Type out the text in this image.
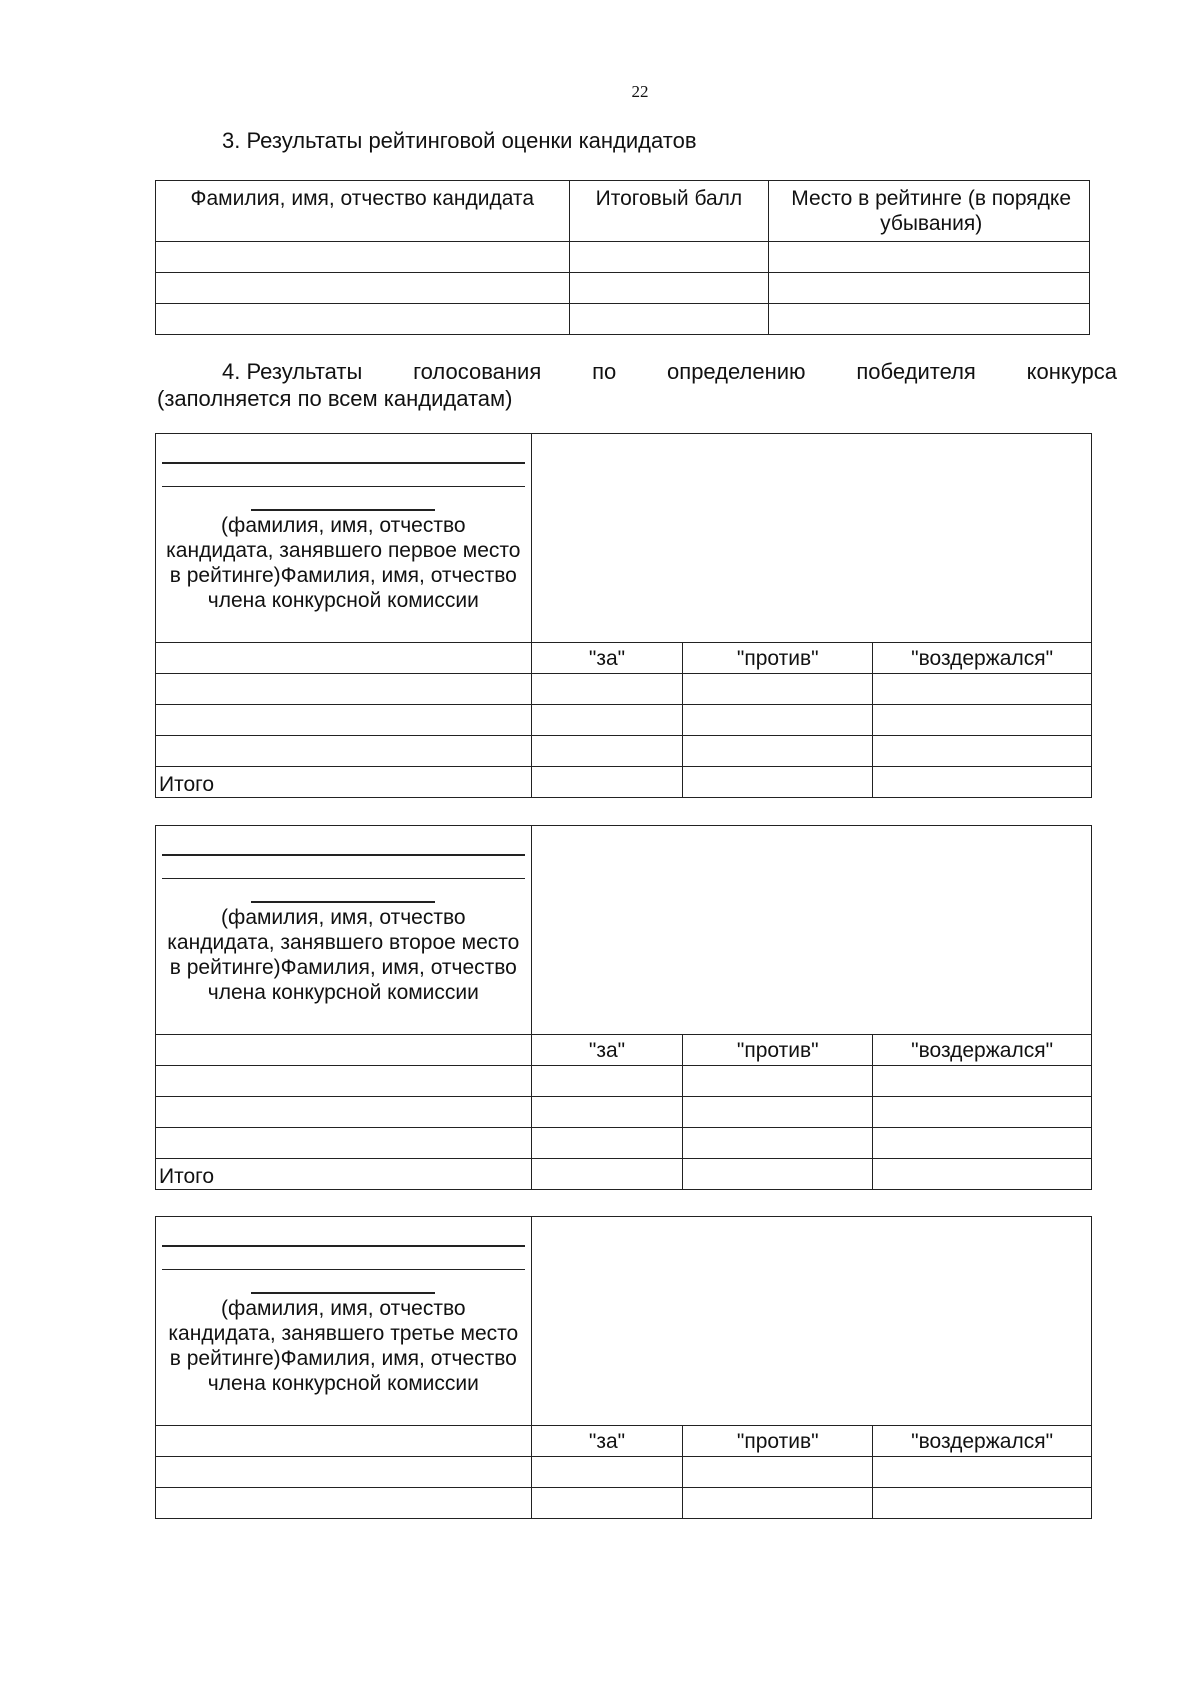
22
3. Результаты рейтинговой оценки кандидатов
Фамилия, имя, отчество кандидата	Итоговый балл	Место в рейтинге (в порядке убывания)

4. Результаты голосования по определению победителя конкурса
(заполняется по всем кандидатам)
(фамилия, имя, отчество кандидата, занявшего первое место в рейтинге)Фамилия, имя, отчество члена конкурсной комиссии			

	"за"	"против"	"воздержался"

Итого			
(фамилия, имя, отчество кандидата, занявшего второе место в рейтинге)Фамилия, имя, отчество члена конкурсной комиссии			

	"за"	"против"	"воздержался"

Итого			
(фамилия, имя, отчество кандидата, занявшего третье место в рейтинге)Фамилия, имя, отчество члена конкурсной комиссии			

	"за"	"против"	"воздержался"
